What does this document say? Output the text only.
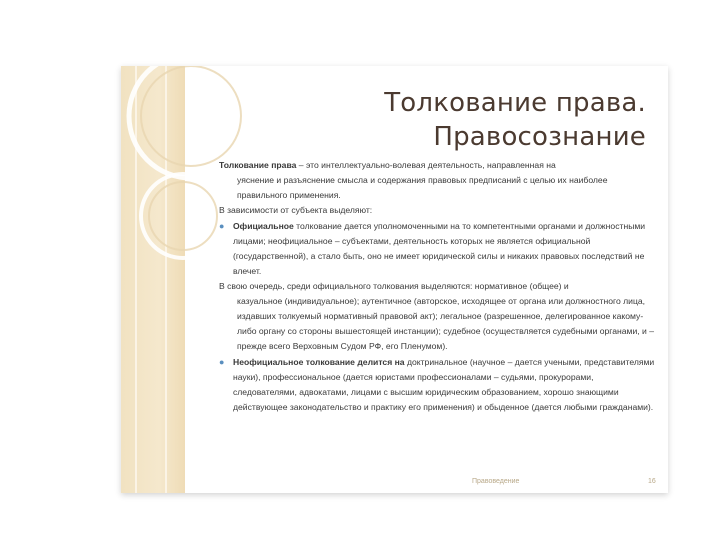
Толкование права.
Правосознание

Толкование права – это интеллектуально-волевая деятельность, направленная на

уяснение и разъяснение смысла и содержания правовых предписаний с целью их наиболее правильного применения.

В зависимости от субъекта выделяют:

● Официальное толкование дается уполномоченными на то компетентными органами и должностными лицами; неофициальное – субъектами, деятельность которых не является официальной (государственной), а стало быть, оно не имеет юридической силы и никаких правовых последствий не влечет.

В свою очередь, среди официального толкования выделяются: нормативное (общее) и

казуальное (индивидуальное); аутентичное (авторское, исходящее от органа или должностного лица, издавших толкуемый нормативный правовой акт); легальное (разрешенное, делегированное какому-либо органу со стороны вышестоящей инстанции); судебное (осуществляется судебными органами, и – прежде всего Верховным Судом РФ, его Пленумом).

● Неофициальное толкование делится на доктринальное (научное – дается учеными, представителями науки), профессиональное (дается юристами профессионалами – судьями, прокурорами, следователями, адвокатами, лицами с высшим юридическим образованием, хорошо знающими действующее законодательство и практику его применения) и обыденное (дается любыми гражданами).

Правоведение	16
